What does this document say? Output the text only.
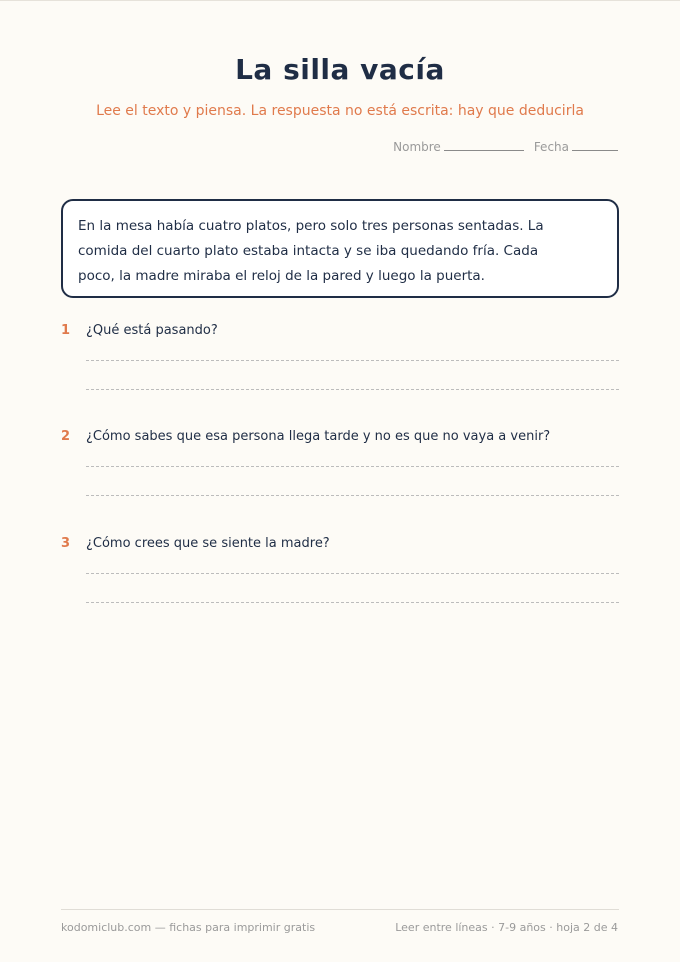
La silla vacía
Lee el texto y piensa. La respuesta no está escrita: hay que deducirla
Nombre	Fecha
En la mesa había cuatro platos, pero solo tres personas sentadas. La
comida del cuarto plato estaba intacta y se iba quedando fría. Cada
poco, la madre miraba el reloj de la pared y luego la puerta.
1	¿Qué está pasando?
2	¿Cómo sabes que esa persona llega tarde y no es que no vaya a venir?
3	¿Cómo crees que se siente la madre?
kodomiclub.com — fichas para imprimir gratis	Leer entre líneas · 7-9 años · hoja 2 de 4
